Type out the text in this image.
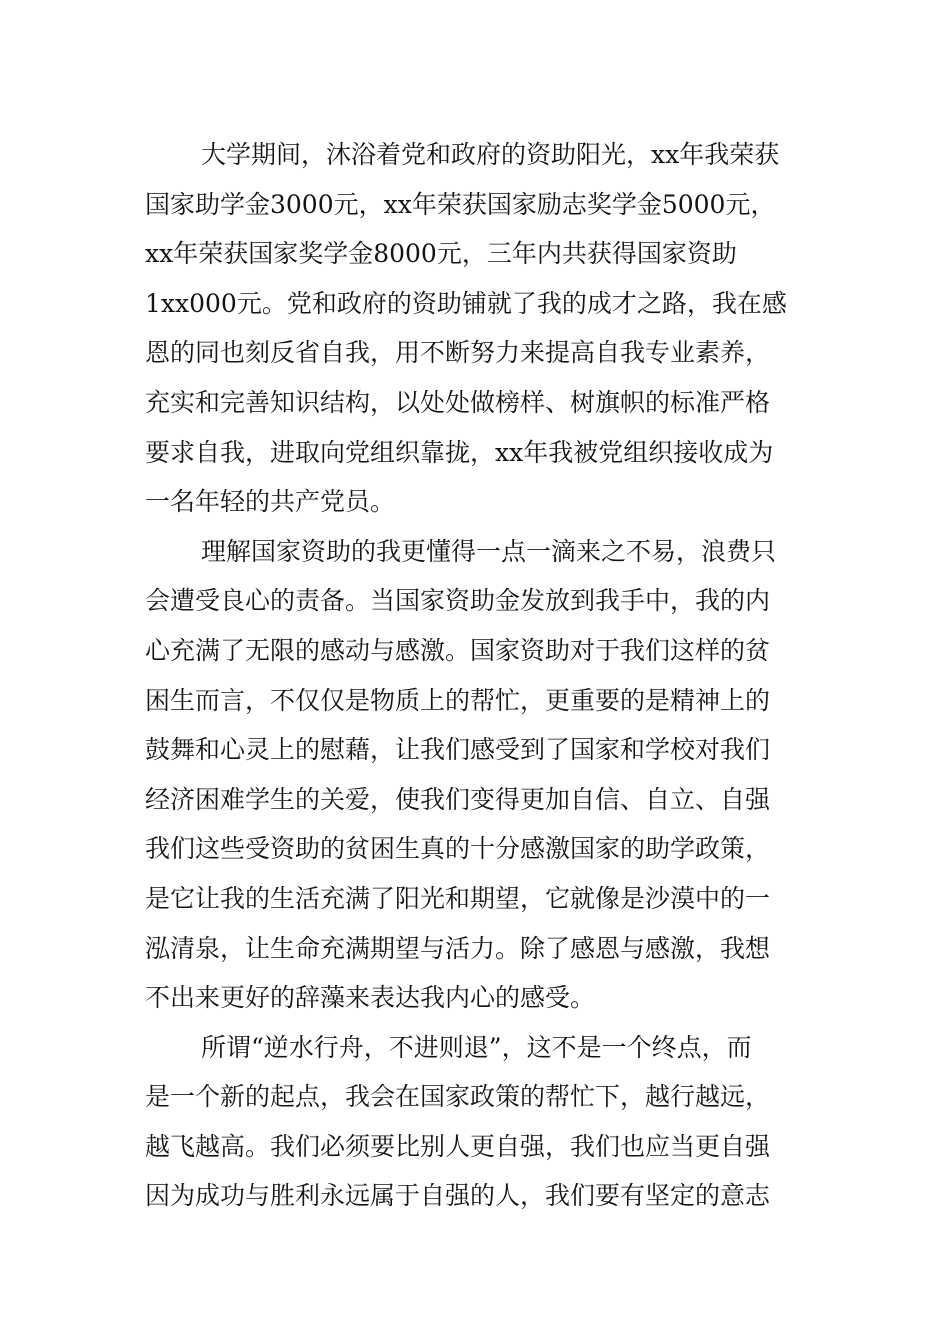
大学期间，沐浴着党和政府的资助阳光，xx年我荣获
国家助学金3000元，xx年荣获国家励志奖学金5000元，
xx年荣获国家奖学金8000元，三年内共获得国家资助
1xx000元。党和政府的资助铺就了我的成才之路，我在感
恩的同也刻反省自我，用不断努力来提高自我专业素养，
充实和完善知识结构，以处处做榜样、树旗帜的标准严格
要求自我，进取向党组织靠拢，xx年我被党组织接收成为
一名年轻的共产党员。
理解国家资助的我更懂得一点一滴来之不易，浪费只
会遭受良心的责备。当国家资助金发放到我手中，我的内
心充满了无限的感动与感激。国家资助对于我们这样的贫
困生而言，不仅仅是物质上的帮忙，更重要的是精神上的
鼓舞和心灵上的慰藉，让我们感受到了国家和学校对我们
经济困难学生的关爱，使我们变得更加自信、自立、自强
我们这些受资助的贫困生真的十分感激国家的助学政策，
是它让我的生活充满了阳光和期望，它就像是沙漠中的一
泓清泉，让生命充满期望与活力。除了感恩与感激，我想
不出来更好的辞藻来表达我内心的感受。
所谓“逆水行舟，不进则退”，这不是一个终点，而
是一个新的起点，我会在国家政策的帮忙下，越行越远，
越飞越高。我们必须要比别人更自强，我们也应当更自强
因为成功与胜利永远属于自强的人，我们要有坚定的意志
